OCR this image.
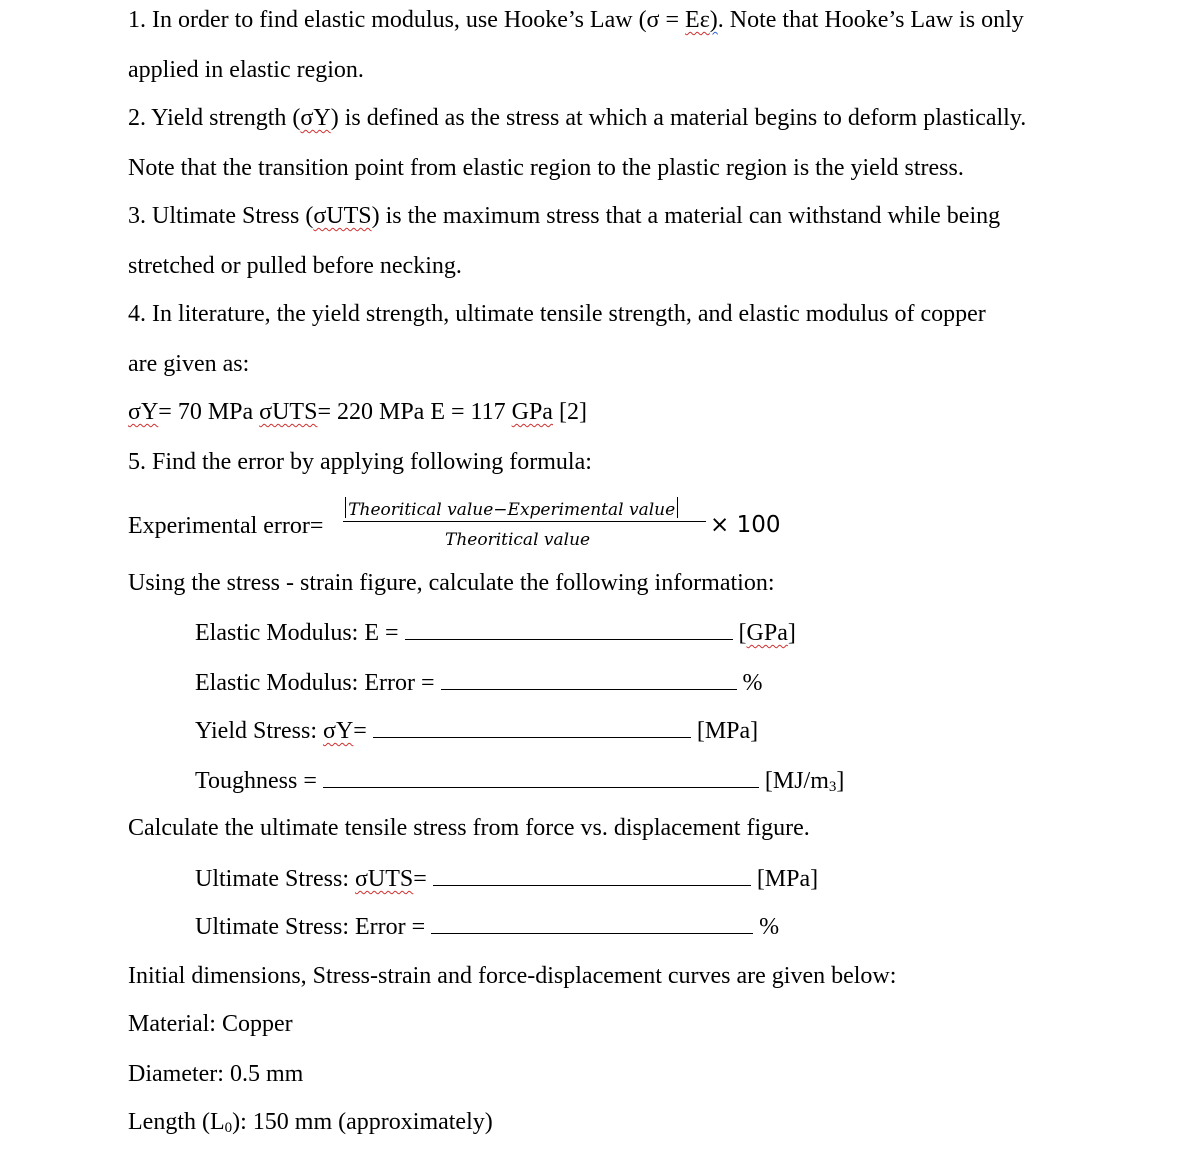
1. In order to find elastic modulus, use Hooke’s Law (σ = Eε). Note that Hooke’s Law is only
applied in elastic region.
2. Yield strength (σY) is defined as the stress at which a material begins to deform plastically.
Note that the transition point from elastic region to the plastic region is the yield stress.
3. Ultimate Stress (σUTS) is the maximum stress that a material can withstand while being
stretched or pulled before necking.
4. In literature, the yield strength, ultimate tensile strength, and elastic modulus of copper
are given as:
σY= 70 MPa σUTS= 220 MPa E = 117 GPa [2]
5. Find the error by applying following formula:
Experimental error=
Theoritical value−Experimental value
Theoritical value
× 100
Using the stress - strain figure, calculate the following information:
Elastic Modulus: E =	[GPa]
Elastic Modulus: Error =	%
Yield Stress: σY=	[MPa]
Toughness =	$[MJ/m_3]$
Calculate the ultimate tensile stress from force vs. displacement figure.
Ultimate Stress: σUTS=	[MPa]
Ultimate Stress: Error =	%
Initial dimensions, Stress-strain and force-displacement curves are given below:
Material: Copper
Diameter: 0.5 mm
Length $(L_0)$: 150 mm (approximately)
